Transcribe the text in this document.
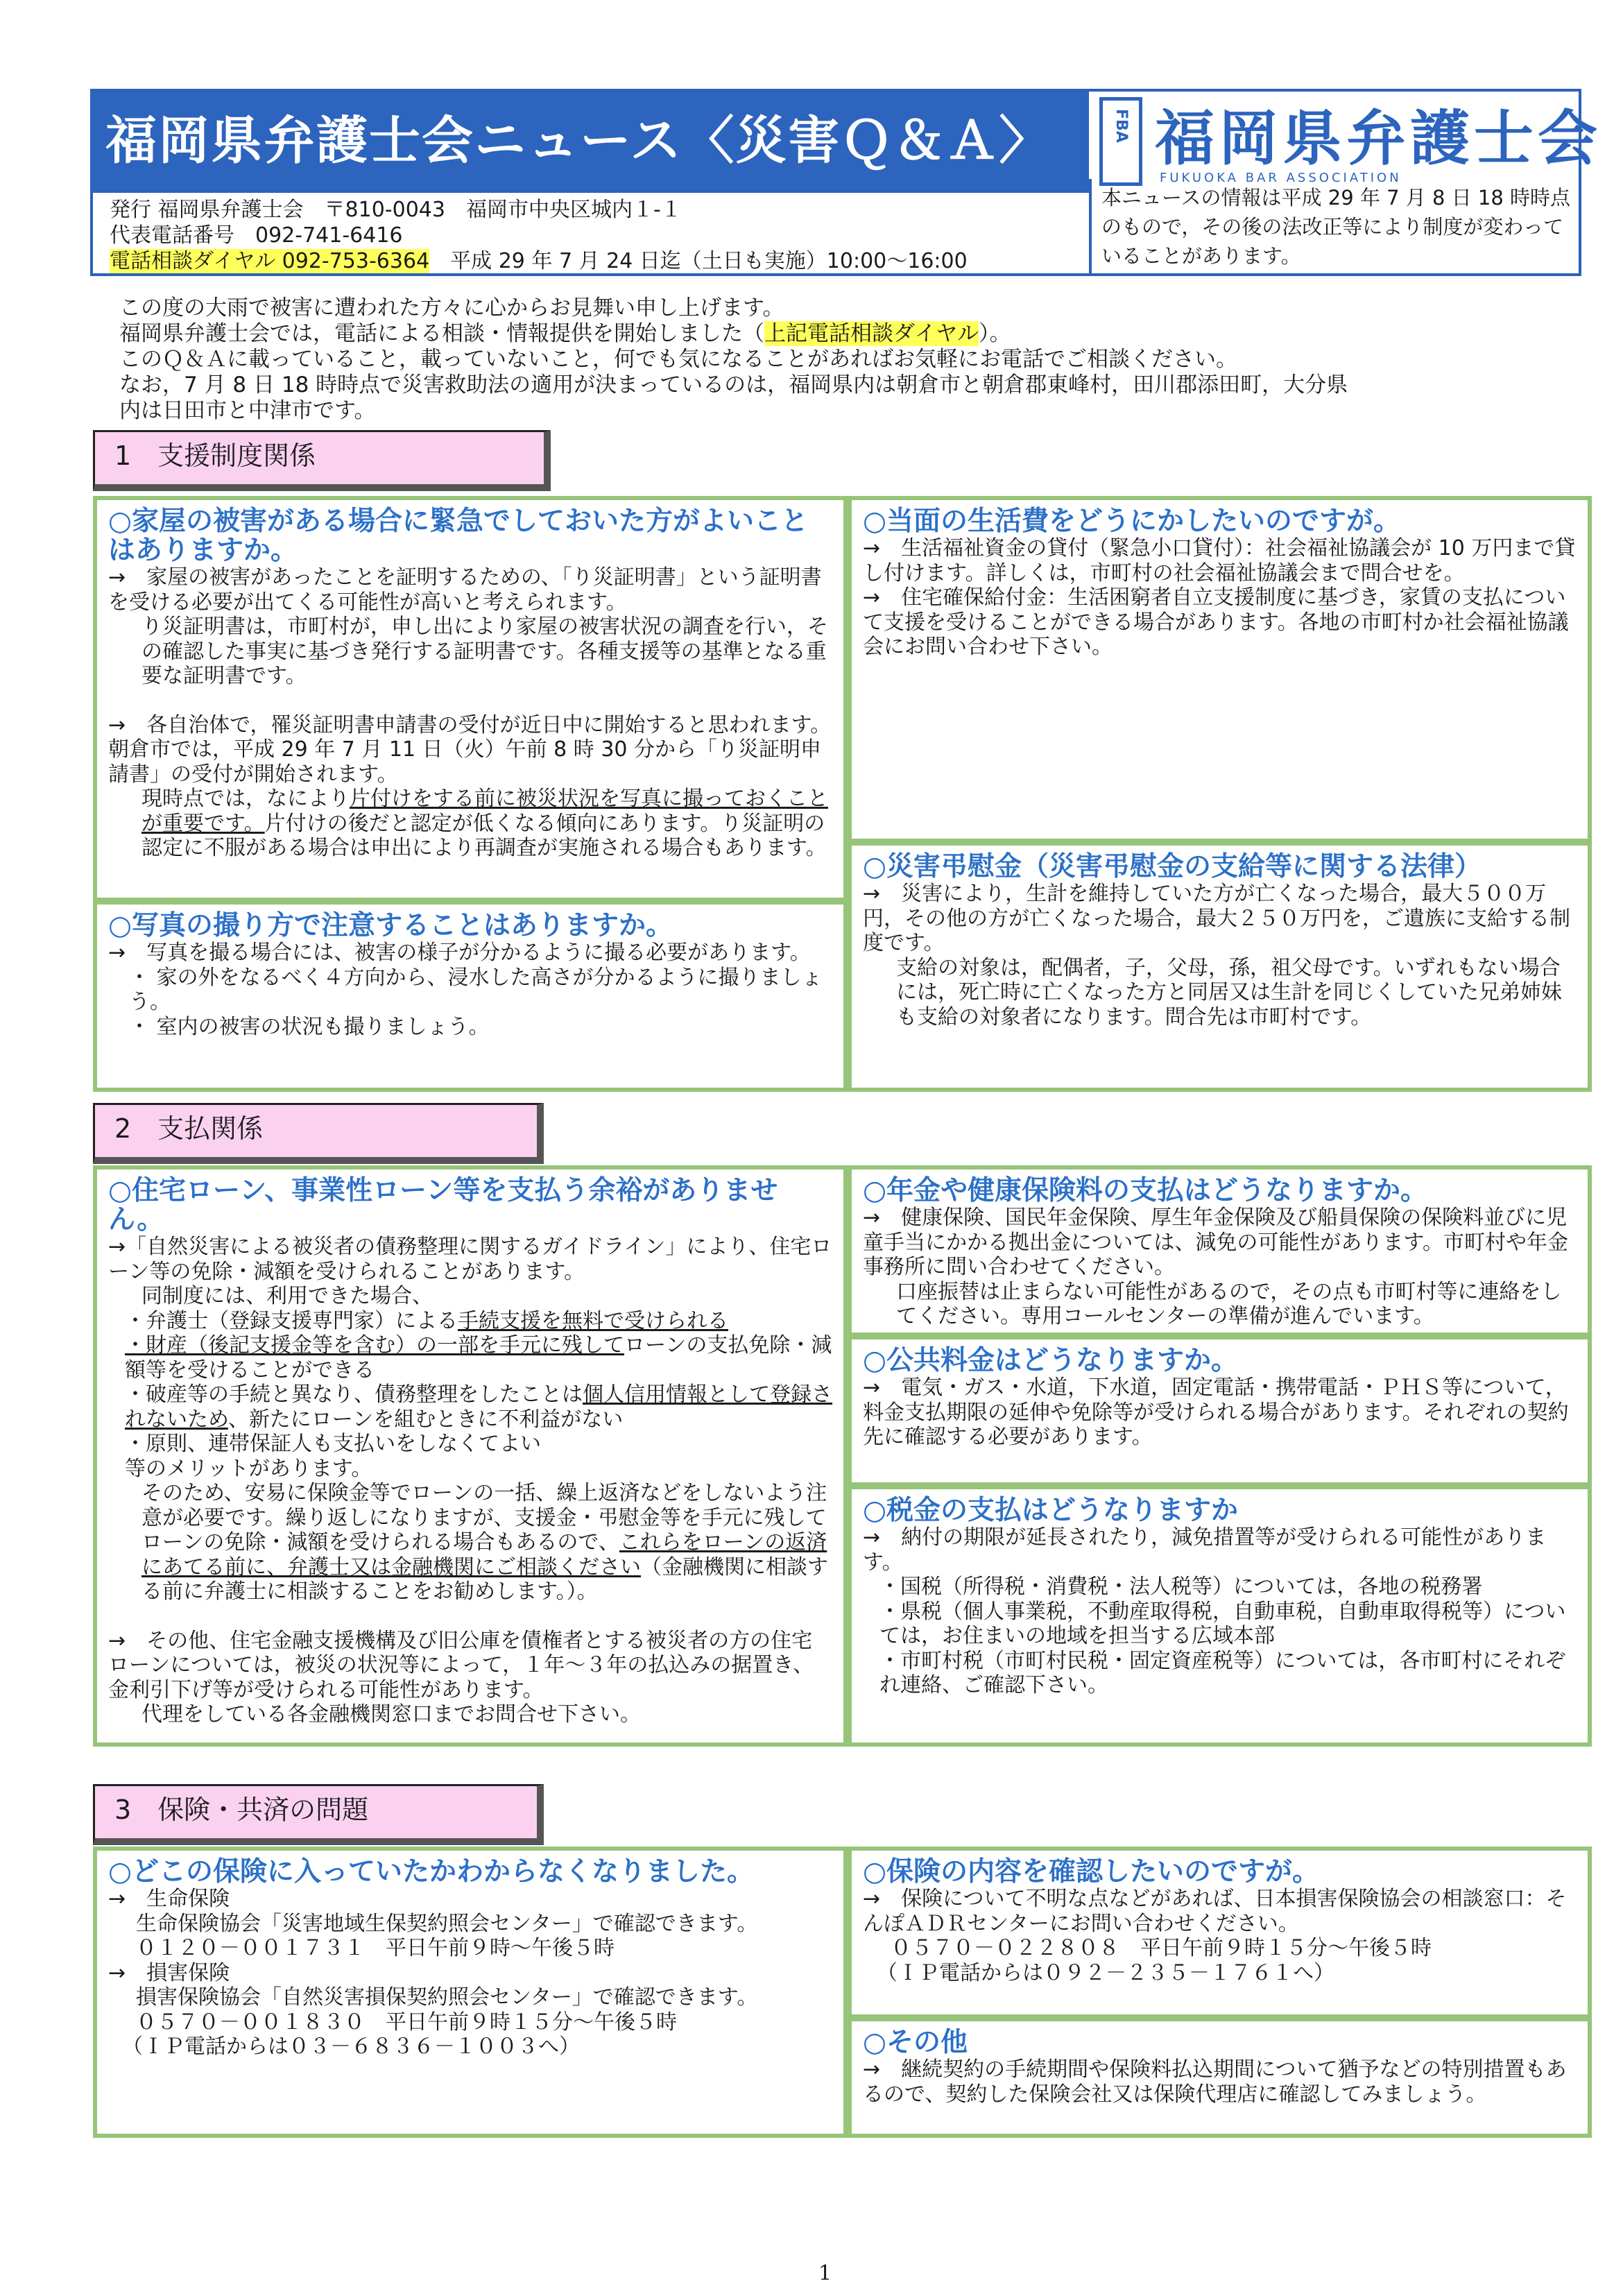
福岡県弁護士会ニュース〈災害Ｑ＆Ａ〉	FBA 福岡県弁護士会
FUKUOKA BAR ASSOCIATION
発行 福岡県弁護士会　〒810-0043　福岡市中央区城内１-１
代表電話番号　092-741-6416
電話相談ダイヤル 092-753-6364　平成 29 年 7 月 24 日迄（土日も実施）10:00～16:00
本ニュースの情報は平成 29 年 7 月 8 日 18 時時点のもので，その後の法改正等により制度が変わっていることがあります。
この度の大雨で被害に遭われた方々に心からお見舞い申し上げます。
福岡県弁護士会では，電話による相談・情報提供を開始しました（上記電話相談ダイヤル）。
このＱ＆Ａに載っていること，載っていないこと，何でも気になることがあればお気軽にお電話でご相談ください。
なお，7 月 8 日 18 時時点で災害救助法の適用が決まっているのは，福岡県内は朝倉市と朝倉郡東峰村，田川郡添田町，大分県
内は日田市と中津市です。
1　支援制度関係
○家屋の被害がある場合に緊急でしておいた方がよいことはありますか。
→　家屋の被害があったことを証明するための、「り災証明書」という証明書を受ける必要が出てくる可能性が高いと考えられます。
り災証明書は，市町村が，申し出により家屋の被害状況の調査を行い，その確認した事実に基づき発行する証明書です。各種支援等の基準となる重要な証明書です。
→　各自治体で，罹災証明書申請書の受付が近日中に開始すると思われます。朝倉市では，平成 29 年 7 月 11 日（火）午前 8 時 30 分から「り災証明申請書」の受付が開始されます。
現時点では，なにより片付けをする前に被災状況を写真に撮っておくことが重要です。片付けの後だと認定が低くなる傾向にあります。り災証明の認定に不服がある場合は申出により再調査が実施される場合もあります。
○写真の撮り方で注意することはありますか。
→　写真を撮る場合には、被害の様子が分かるように撮る必要があります。
・ 家の外をなるべく４方向から、浸水した高さが分かるように撮りましょう。
・ 室内の被害の状況も撮りましょう。
○当面の生活費をどうにかしたいのですが。
→　生活福祉資金の貸付（緊急小口貸付）：社会福祉協議会が 10 万円まで貸し付けます。詳しくは，市町村の社会福祉協議会まで問合せを。
→　住宅確保給付金：生活困窮者自立支援制度に基づき，家賃の支払について支援を受けることができる場合があります。各地の市町村か社会福祉協議会にお問い合わせ下さい。
○災害弔慰金（災害弔慰金の支給等に関する法律）
→　災害により，生計を維持していた方が亡くなった場合，最大５００万円，その他の方が亡くなった場合，最大２５０万円を，ご遺族に支給する制度です。
支給の対象は，配偶者，子，父母，孫，祖父母です。いずれもない場合には，死亡時に亡くなった方と同居又は生計を同じくしていた兄弟姉妹も支給の対象者になります。問合先は市町村です。
2　支払関係
○住宅ローン、事業性ローン等を支払う余裕がありません。
→「自然災害による被災者の債務整理に関するガイドライン」により、住宅ローン等の免除・減額を受けられることがあります。
同制度には、利用できた場合、
・弁護士（登録支援専門家）による手続支援を無料で受けられる
・財産（後記支援金等を含む）の一部を手元に残してローンの支払免除・減額等を受けることができる
・破産等の手続と異なり、債務整理をしたことは個人信用情報として登録されないため、新たにローンを組むときに不利益がない
・原則、連帯保証人も支払いをしなくてよい
等のメリットがあります。
そのため、安易に保険金等でローンの一括、繰上返済などをしないよう注意が必要です。繰り返しになりますが、支援金・弔慰金等を手元に残してローンの免除・減額を受けられる場合もあるので、これらをローンの返済にあてる前に、弁護士又は金融機関にご相談ください（金融機関に相談する前に弁護士に相談することをお勧めします。）。
→　その他、住宅金融支援機構及び旧公庫を債権者とする被災者の方の住宅ローンについては，被災の状況等によって，１年～３年の払込みの据置き、金利引下げ等が受けられる可能性があります。
代理をしている各金融機関窓口までお問合せ下さい。
○年金や健康保険料の支払はどうなりますか。
→　健康保険、国民年金保険、厚生年金保険及び船員保険の保険料並びに児童手当にかかる拠出金については、減免の可能性があります。市町村や年金事務所に問い合わせてください。
口座振替は止まらない可能性があるので，その点も市町村等に連絡をしてください。専用コールセンターの準備が進んでいます。
○公共料金はどうなりますか。
→　電気・ガス・水道，下水道，固定電話・携帯電話・ＰＨＳ等について，料金支払期限の延伸や免除等が受けられる場合があります。それぞれの契約先に確認する必要があります。
○税金の支払はどうなりますか
→　納付の期限が延長されたり，減免措置等が受けられる可能性があります。
・国税（所得税・消費税・法人税等）については，各地の税務署
・県税（個人事業税，不動産取得税，自動車税，自動車取得税等）については，お住まいの地域を担当する広域本部
・市町村税（市町村民税・固定資産税等）については，各市町村にそれぞれ連絡、ご確認下さい。
3　保険・共済の問題
○どこの保険に入っていたかわからなくなりました。
→　生命保険
生命保険協会「災害地域生保契約照会センター」で確認できます。
０１２０－００１７３１　平日午前９時～午後５時
→　損害保険
損害保険協会「自然災害損保契約照会センター」で確認できます。
０５７０－００１８３０　平日午前９時１５分～午後５時
（ＩＰ電話からは０３－６８３６－１００３へ）
○保険の内容を確認したいのですが。
→　保険について不明な点などがあれば、日本損害保険協会の相談窓口：そんぽＡＤＲセンターにお問い合わせください。
０５７０－０２２８０８　平日午前９時１５分～午後５時
（ＩＰ電話からは０９２－２３５－１７６１へ）
○その他
→　継続契約の手続期間や保険料払込期間について猶予などの特別措置もあるので、契約した保険会社又は保険代理店に確認してみましょう。
1
